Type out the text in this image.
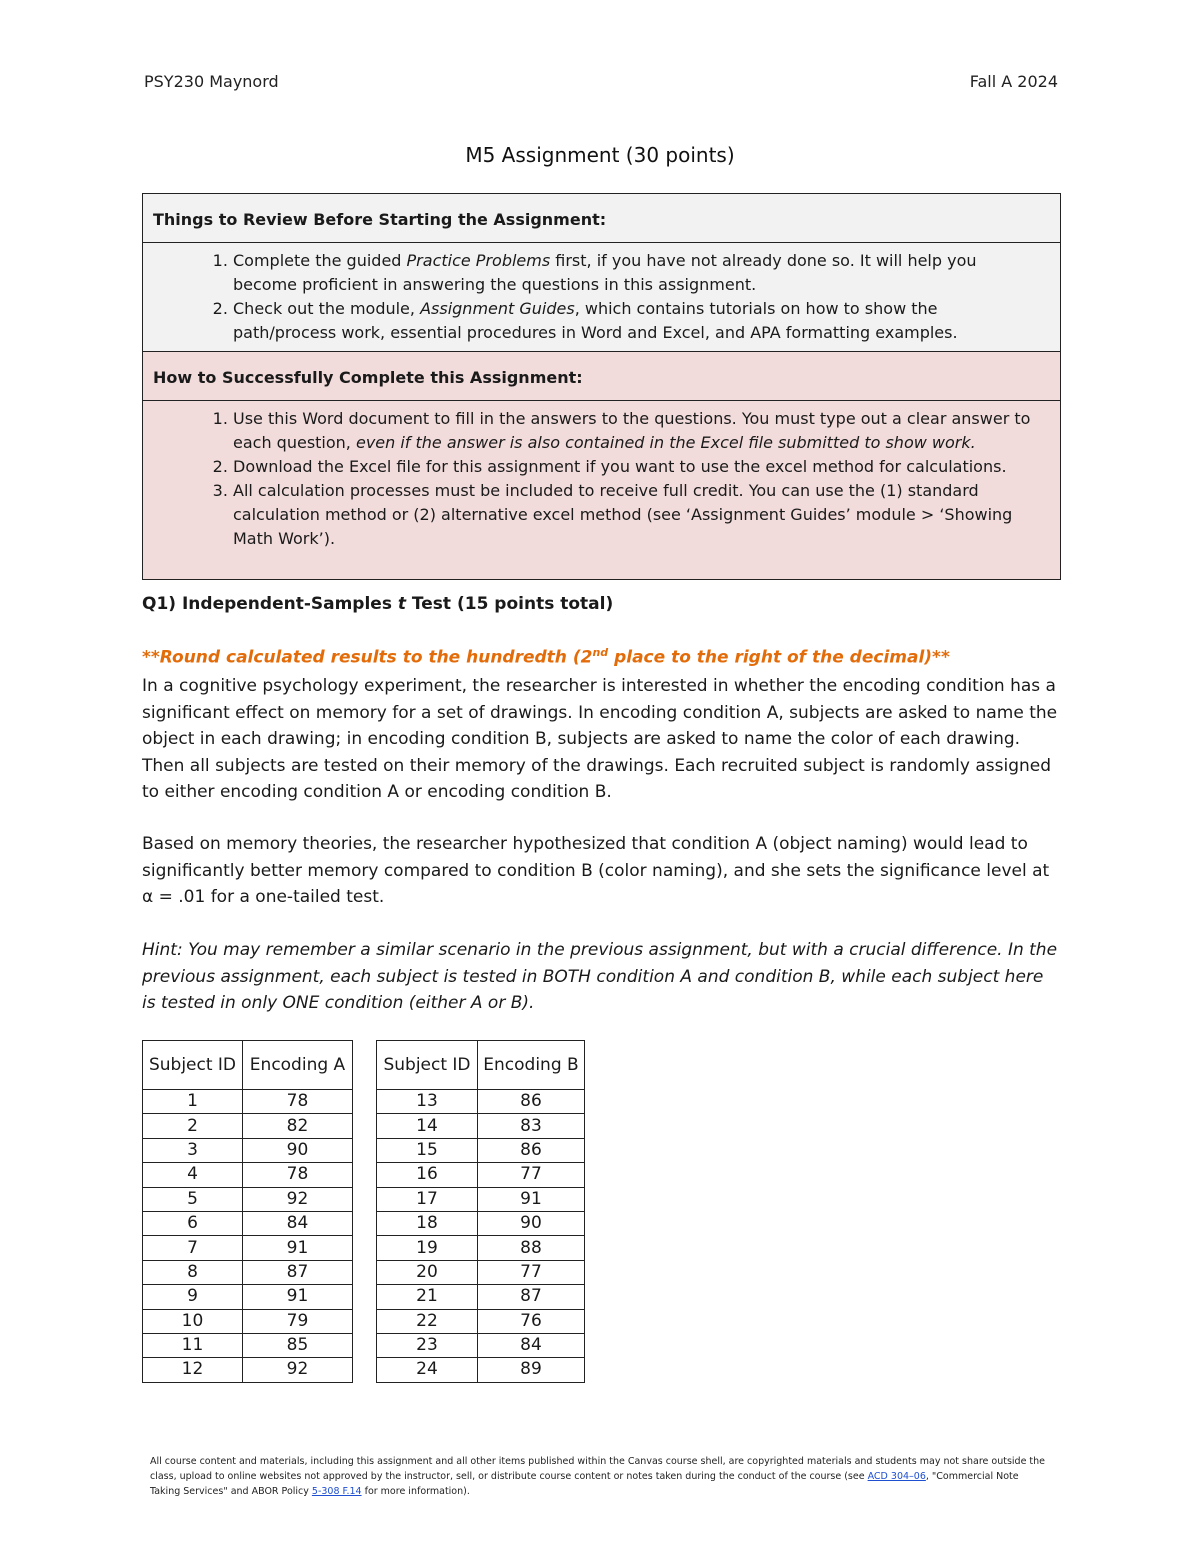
PSY230 Maynord	Fall A 2024
M5 Assignment (30 points)
Things to Review Before Starting the Assignment:
1. Complete the guided Practice Problems first, if you have not already done so. It will help you become proficient in answering the questions in this assignment.
2. Check out the module, Assignment Guides, which contains tutorials on how to show the path/process work, essential procedures in Word and Excel, and APA formatting examples.
How to Successfully Complete this Assignment:
1. Use this Word document to fill in the answers to the questions. You must type out a clear answer to each question, even if the answer is also contained in the Excel file submitted to show work.
2. Download the Excel file for this assignment if you want to use the excel method for calculations.
3. All calculation processes must be included to receive full credit. You can use the (1) standard calculation method or (2) alternative excel method (see ‘Assignment Guides’ module > ‘Showing Math Work’).
Q1) Independent-Samples t Test (15 points total)
**Round calculated results to the hundredth (2nd place to the right of the decimal)**
In a cognitive psychology experiment, the researcher is interested in whether the encoding condition has a significant effect on memory for a set of drawings. In encoding condition A, subjects are asked to name the object in each drawing; in encoding condition B, subjects are asked to name the color of each drawing. Then all subjects are tested on their memory of the drawings. Each recruited subject is randomly assigned to either encoding condition A or encoding condition B.
Based on memory theories, the researcher hypothesized that condition A (object naming) would lead to significantly better memory compared to condition B (color naming), and she sets the significance level at α = .01 for a one-tailed test.
Hint: You may remember a similar scenario in the previous assignment, but with a crucial difference. In the previous assignment, each subject is tested in BOTH condition A and condition B, while each subject here is tested in only ONE condition (either A or B).
Subject ID	Encoding A
1	78
2	82
3	90
4	78
5	92
6	84
7	91
8	87
9	91
10	79
11	85
12	92
Subject ID	Encoding B
13	86
14	83
15	86
16	77
17	91
18	90
19	88
20	77
21	87
22	76
23	84
24	89
All course content and materials, including this assignment and all other items published within the Canvas course shell, are copyrighted materials and students may not share outside the class, upload to online websites not approved by the instructor, sell, or distribute course content or notes taken during the conduct of the course (see ACD 304–06, "Commercial Note Taking Services" and ABOR Policy 5-308 F.14 for more information).
